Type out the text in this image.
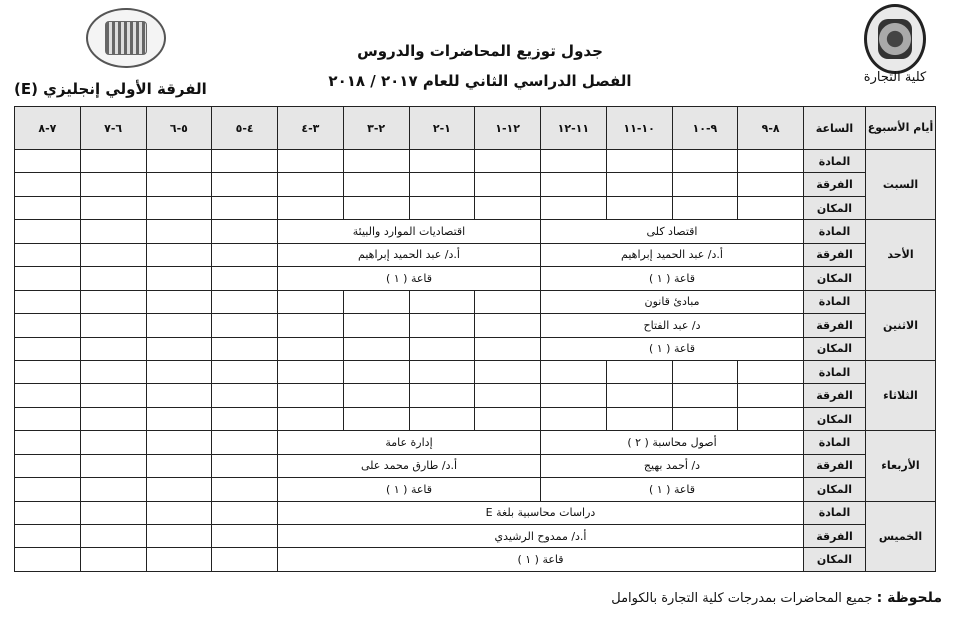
كلية التجارة
جدول توزيع المحاضرات والدروس
الفصل الدراسي الثاني للعام ٢٠١٧ / ٢٠١٨
الفرقة الأولي إنجليزي (E)
أيام الأسبوع	الساعة	٨-٩	٩-١٠	١٠-١١	١١-١٢	١٢-١	١-٢	٢-٣	٣-٤	٤-٥	٥-٦	٦-٧	٧-٨
السبت	المادة												
	الفرقة												
	المكان												
الأحد	المادة	اقتصاد كلى				اقتصاديات الموارد والبيئة							
	الفرقة	أ.د/ عبد الحميد إبراهيم				أ.د/ عبد الحميد إبراهيم							
	المكان	قاعة ( ١ )				قاعة ( ١ )							
الاثنين	المادة	مبادئ قانون											
	الفرقة	د/ عبد الفتاح											
	المكان	قاعة ( ١ )											
الثلاثاء	المادة												
	الفرقة												
	المكان												
الأربعاء	المادة	أصول محاسبة ( ٢ )				إدارة عامة							
	الفرقة	د/ أحمد بهيج				أ.د/ طارق محمد على							
	المكان	قاعة ( ١ )				قاعة ( ١ )							
الخميس	المادة	دراسات محاسبية بلغة E											
	الفرقة	أ.د/ ممدوح الرشيدي											
	المكان	قاعة ( ١ )											
ملحوظة : جميع المحاضرات بمدرجات كلية التجارة بالكوامل
